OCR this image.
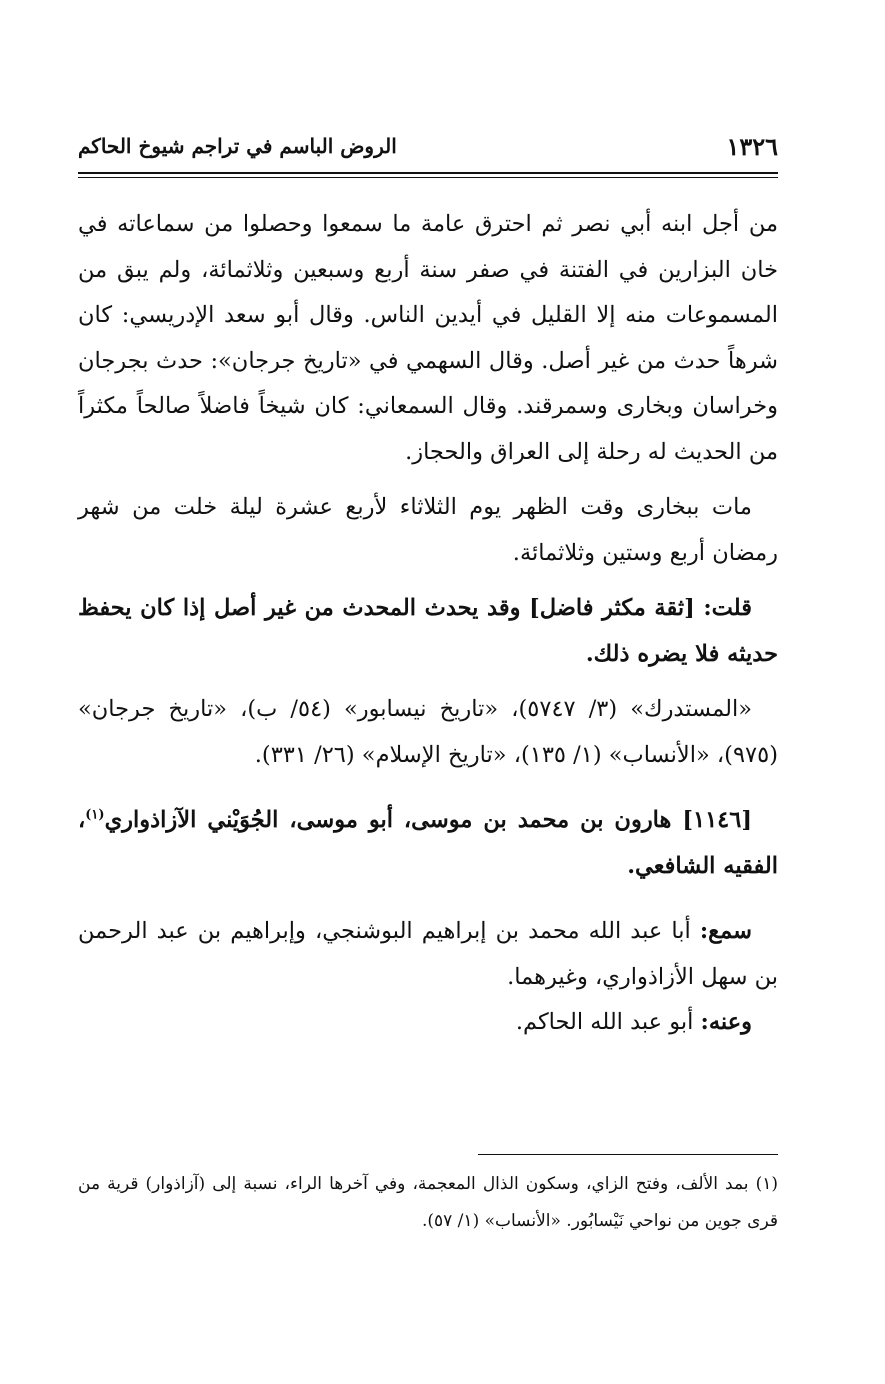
١٣٢٦
الروض الباسم في تراجم شيوخ الحاكم

من أجل ابنه أبي نصر ثم احترق عامة ما سمعوا وحصلوا من سماعاته في خان البزارين في الفتنة في صفر سنة أربع وسبعين وثلاثمائة، ولم يبق من المسموعات منه إلا القليل في أيدين الناس. وقال أبو سعد الإدريسي: كان شرهاً حدث من غير أصل. وقال السهمي في «تاريخ جرجان»: حدث بجرجان وخراسان وبخارى وسمرقند. وقال السمعاني: كان شيخاً فاضلاً صالحاً مكثراً من الحديث له رحلة إلى العراق والحجاز.

مات ببخارى وقت الظهر يوم الثلاثاء لأربع عشرة ليلة خلت من شهر رمضان أربع وستين وثلاثمائة.

قلت: [ثقة مكثر فاضل] وقد يحدث المحدث من غير أصل إذا كان يحفظ حديثه فلا يضره ذلك.

«المستدرك» (٣/ ٥٧٤٧)، «تاريخ نيسابور» (٥٤/ ب)، «تاريخ جرجان» (٩٧٥)، «الأنساب» (١/ ١٣٥)، «تاريخ الإسلام» (٢٦/ ٣٣١).

[١١٤٦] هارون بن محمد بن موسى، أبو موسى، الجُوَيْني الآزاذواري$^{(١)}$، الفقيه الشافعي.

سمع: أبا عبد الله محمد بن إبراهيم البوشنجي، وإبراهيم بن عبد الرحمن بن سهل الأزاذواري، وغيرهما.

وعنه: أبو عبد الله الحاكم.

(١) بمد الألف، وفتح الزاي، وسكون الذال المعجمة، وفي آخرها الراء، نسبة إلى (آزاذوار) قرية من قرى جوين من نواحي نَيْسابُور. «الأنساب» (١/ ٥٧).
